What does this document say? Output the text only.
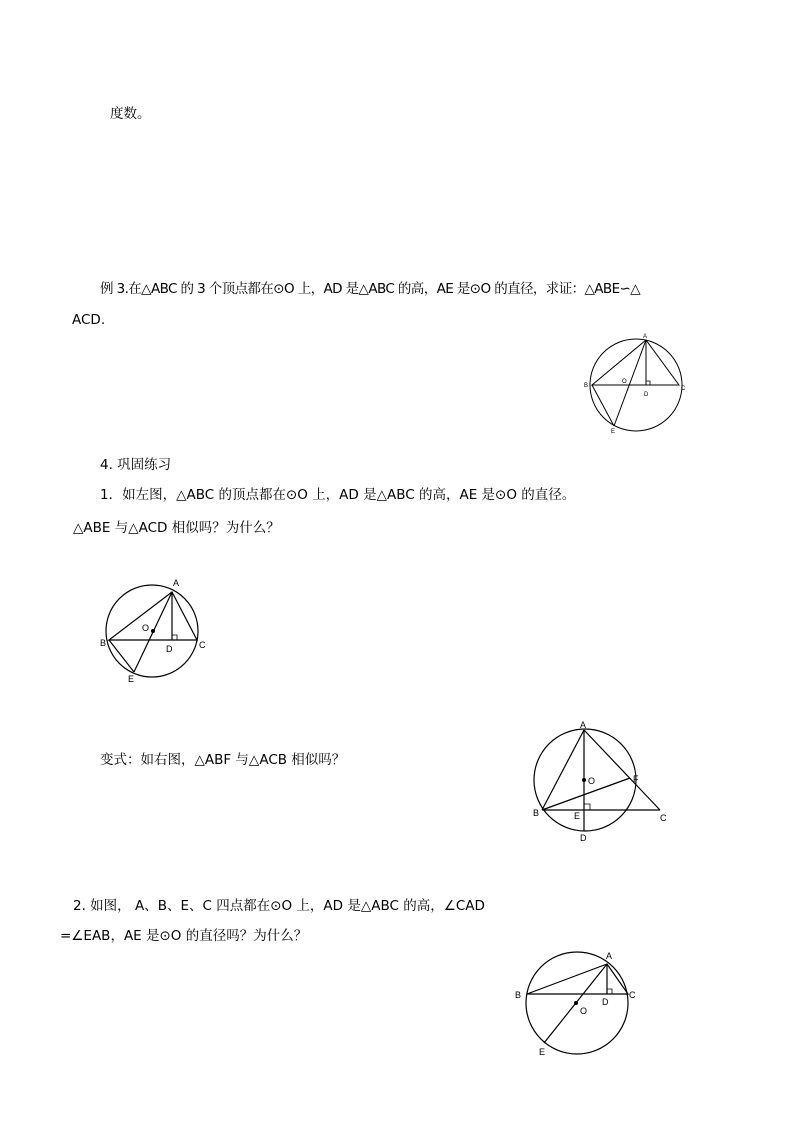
度数。
例 3.在△ABC 的 3 个顶点都在⊙O 上，AD 是△ABC 的高，AE 是⊙O 的直径，求证：△ABE∽△
ACD.
A
B	C
D
E
O
4. 巩固练习
1．如左图，△ABC 的顶点都在⊙O 上，AD 是△ABC 的高，AE 是⊙O 的直径。
△ABE 与△ACD 相似吗？为什么？
A
B	C
D
E
O
变式：如右图，△ABF 与△ACB 相似吗？
A
B	C
D
E
F
O
2. 如图， A、B、E、C 四点都在⊙O 上，AD 是△ABC 的高，∠CAD
=∠EAB，AE 是⊙O 的直径吗？为什么？
A
B	C
D
E
O
